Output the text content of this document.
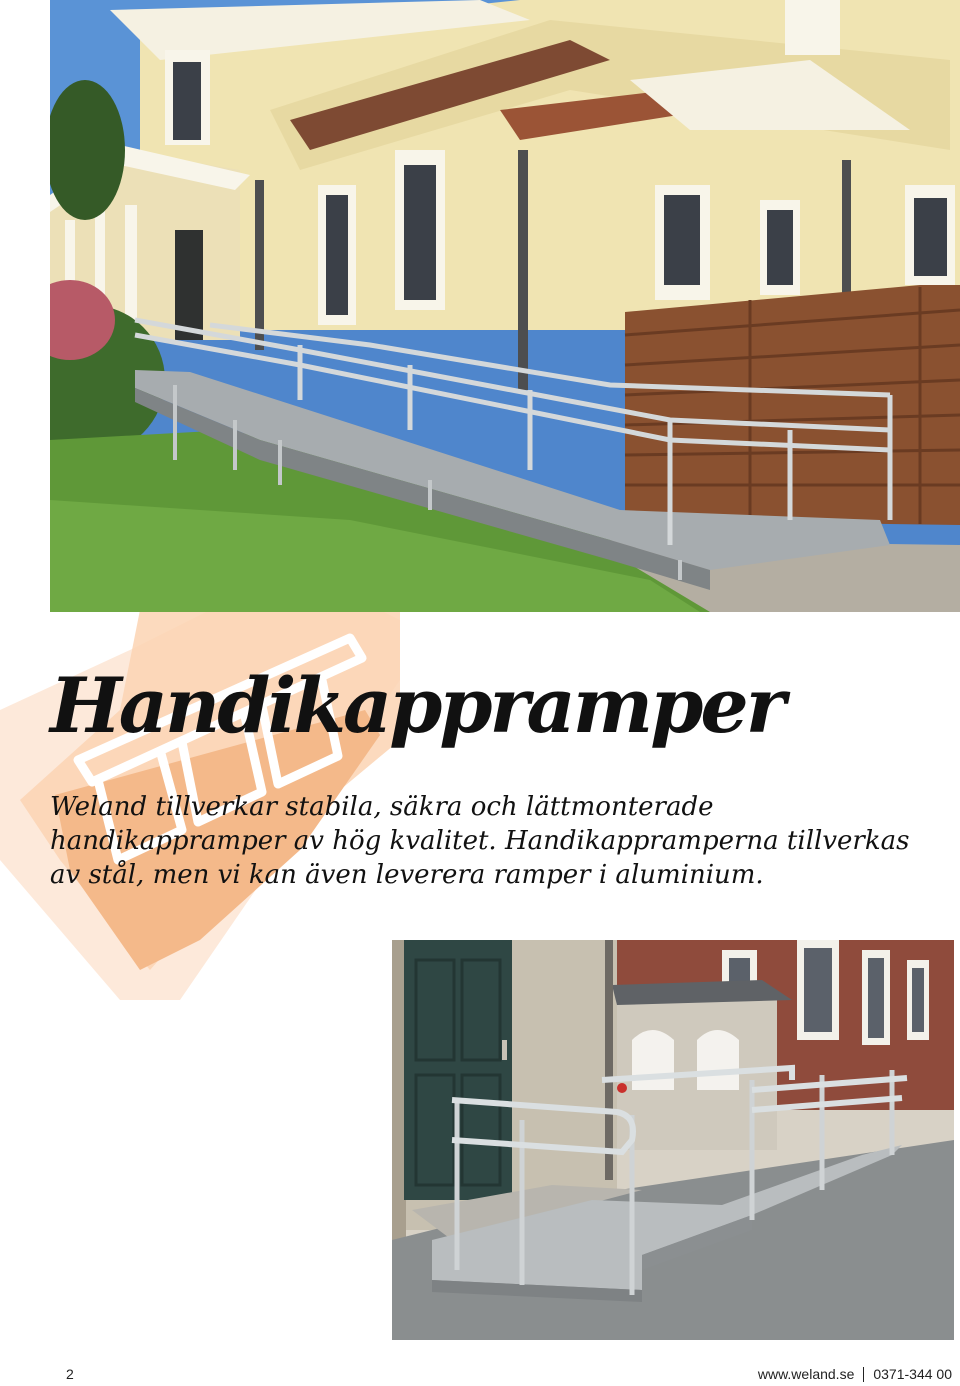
Handikappramper

Weland tillverkar stabila, säkra och lättmonterade handikappramper av hög kvalitet. Handikappramperna tillverkas av stål, men vi kan även leverera ramper i aluminium.

2	www.weland.se 0371-344 00
